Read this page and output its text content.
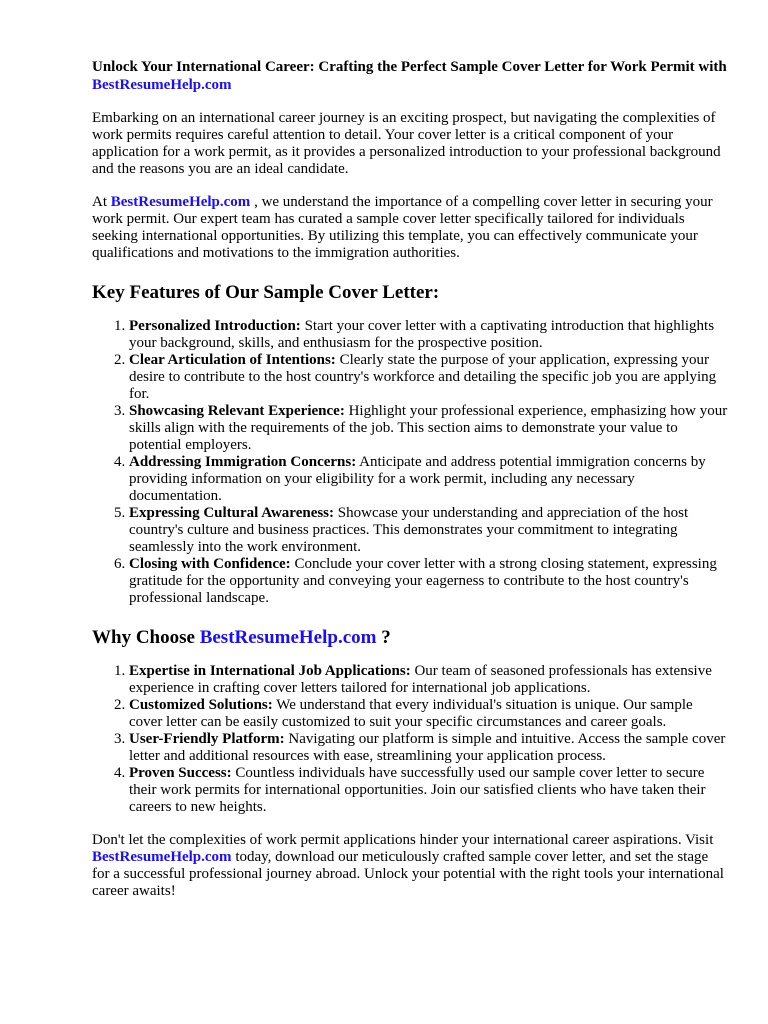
Unlock Your International Career: Crafting the Perfect Sample Cover Letter for Work Permit with BestResumeHelp.com

Embarking on an international career journey is an exciting prospect, but navigating the complexities of work permits requires careful attention to detail. Your cover letter is a critical component of your application for a work permit, as it provides a personalized introduction to your professional background and the reasons you are an ideal candidate.

At BestResumeHelp.com , we understand the importance of a compelling cover letter in securing your work permit. Our expert team has curated a sample cover letter specifically tailored for individuals seeking international opportunities. By utilizing this template, you can effectively communicate your qualifications and motivations to the immigration authorities.

Key Features of Our Sample Cover Letter:
1. Personalized Introduction: Start your cover letter with a captivating introduction that highlights your background, skills, and enthusiasm for the prospective position.
2. Clear Articulation of Intentions: Clearly state the purpose of your application, expressing your desire to contribute to the host country's workforce and detailing the specific job you are applying for.
3. Showcasing Relevant Experience: Highlight your professional experience, emphasizing how your skills align with the requirements of the job. This section aims to demonstrate your value to potential employers.
4. Addressing Immigration Concerns: Anticipate and address potential immigration concerns by providing information on your eligibility for a work permit, including any necessary documentation.
5. Expressing Cultural Awareness: Showcase your understanding and appreciation of the host country's culture and business practices. This demonstrates your commitment to integrating seamlessly into the work environment.
6. Closing with Confidence: Conclude your cover letter with a strong closing statement, expressing gratitude for the opportunity and conveying your eagerness to contribute to the host country's professional landscape.
Why Choose BestResumeHelp.com ?
1. Expertise in International Job Applications: Our team of seasoned professionals has extensive experience in crafting cover letters tailored for international job applications.
2. Customized Solutions: We understand that every individual's situation is unique. Our sample cover letter can be easily customized to suit your specific circumstances and career goals.
3. User-Friendly Platform: Navigating our platform is simple and intuitive. Access the sample cover letter and additional resources with ease, streamlining your application process.
4. Proven Success: Countless individuals have successfully used our sample cover letter to secure their work permits for international opportunities. Join our satisfied clients who have taken their careers to new heights.

Don't let the complexities of work permit applications hinder your international career aspirations. Visit BestResumeHelp.com today, download our meticulously crafted sample cover letter, and set the stage for a successful professional journey abroad. Unlock your potential with the right tools your international career awaits!
